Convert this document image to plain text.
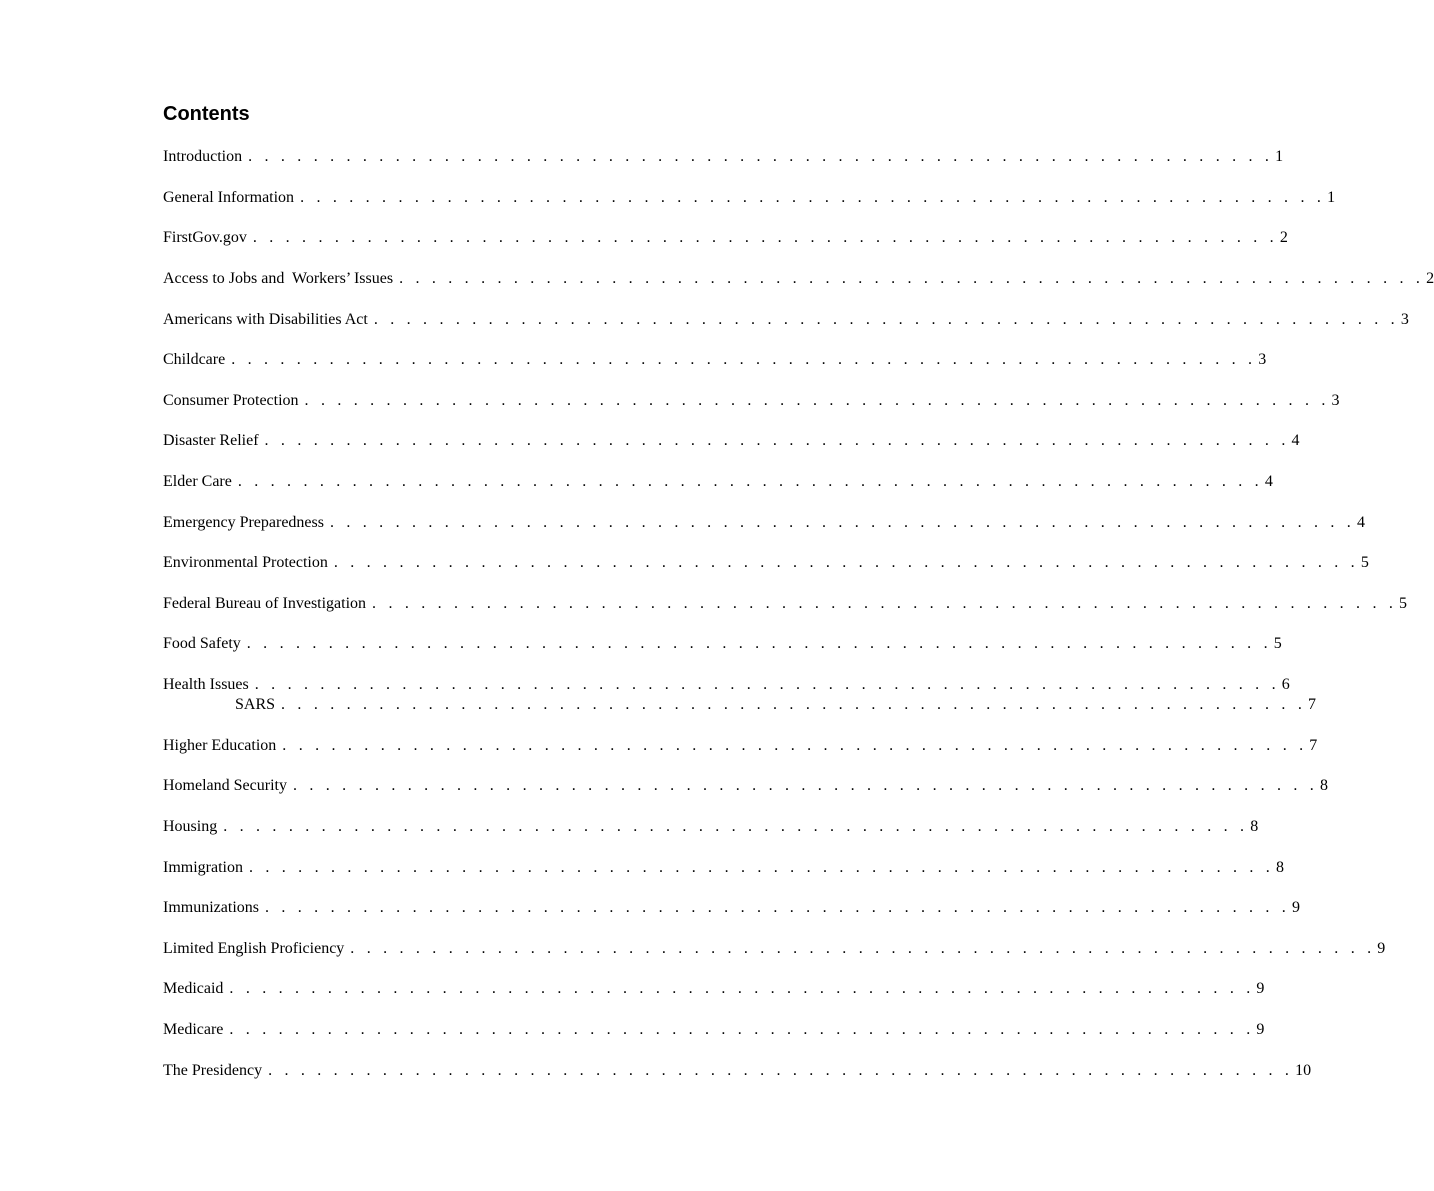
Contents
Introduction . . . . . . . . . . . . . . . . . . . . . . . . . . . . . . . . . . . . . . . . . . . . . . . . . . . . . . . . . . . . . . . 1
General Information . . . . . . . . . . . . . . . . . . . . . . . . . . . . . . . . . . . . . . . . . . . . . . . . . . . . . . . . . . . . . . . 1
FirstGov.gov . . . . . . . . . . . . . . . . . . . . . . . . . . . . . . . . . . . . . . . . . . . . . . . . . . . . . . . . . . . . . . . 2
Access to Jobs and  Workers’ Issues . . . . . . . . . . . . . . . . . . . . . . . . . . . . . . . . . . . . . . . . . . . . . . . . . . . . . . . . . . . . . . . 2
Americans with Disabilities Act . . . . . . . . . . . . . . . . . . . . . . . . . . . . . . . . . . . . . . . . . . . . . . . . . . . . . . . . . . . . . . . 3
Childcare . . . . . . . . . . . . . . . . . . . . . . . . . . . . . . . . . . . . . . . . . . . . . . . . . . . . . . . . . . . . . . . 3
Consumer Protection . . . . . . . . . . . . . . . . . . . . . . . . . . . . . . . . . . . . . . . . . . . . . . . . . . . . . . . . . . . . . . . 3
Disaster Relief . . . . . . . . . . . . . . . . . . . . . . . . . . . . . . . . . . . . . . . . . . . . . . . . . . . . . . . . . . . . . . . 4
Elder Care . . . . . . . . . . . . . . . . . . . . . . . . . . . . . . . . . . . . . . . . . . . . . . . . . . . . . . . . . . . . . . . 4
Emergency Preparedness . . . . . . . . . . . . . . . . . . . . . . . . . . . . . . . . . . . . . . . . . . . . . . . . . . . . . . . . . . . . . . . 4
Environmental Protection . . . . . . . . . . . . . . . . . . . . . . . . . . . . . . . . . . . . . . . . . . . . . . . . . . . . . . . . . . . . . . . 5
Federal Bureau of Investigation . . . . . . . . . . . . . . . . . . . . . . . . . . . . . . . . . . . . . . . . . . . . . . . . . . . . . . . . . . . . . . . 5
Food Safety . . . . . . . . . . . . . . . . . . . . . . . . . . . . . . . . . . . . . . . . . . . . . . . . . . . . . . . . . . . . . . . 5
Health Issues . . . . . . . . . . . . . . . . . . . . . . . . . . . . . . . . . . . . . . . . . . . . . . . . . . . . . . . . . . . . . . . 6
SARS . . . . . . . . . . . . . . . . . . . . . . . . . . . . . . . . . . . . . . . . . . . . . . . . . . . . . . . . . . . . . . . 7
Higher Education . . . . . . . . . . . . . . . . . . . . . . . . . . . . . . . . . . . . . . . . . . . . . . . . . . . . . . . . . . . . . . . 7
Homeland Security . . . . . . . . . . . . . . . . . . . . . . . . . . . . . . . . . . . . . . . . . . . . . . . . . . . . . . . . . . . . . . . 8
Housing . . . . . . . . . . . . . . . . . . . . . . . . . . . . . . . . . . . . . . . . . . . . . . . . . . . . . . . . . . . . . . . 8
Immigration . . . . . . . . . . . . . . . . . . . . . . . . . . . . . . . . . . . . . . . . . . . . . . . . . . . . . . . . . . . . . . . 8
Immunizations . . . . . . . . . . . . . . . . . . . . . . . . . . . . . . . . . . . . . . . . . . . . . . . . . . . . . . . . . . . . . . . 9
Limited English Proficiency . . . . . . . . . . . . . . . . . . . . . . . . . . . . . . . . . . . . . . . . . . . . . . . . . . . . . . . . . . . . . . . 9
Medicaid . . . . . . . . . . . . . . . . . . . . . . . . . . . . . . . . . . . . . . . . . . . . . . . . . . . . . . . . . . . . . . . 9
Medicare . . . . . . . . . . . . . . . . . . . . . . . . . . . . . . . . . . . . . . . . . . . . . . . . . . . . . . . . . . . . . . . 9
The Presidency . . . . . . . . . . . . . . . . . . . . . . . . . . . . . . . . . . . . . . . . . . . . . . . . . . . . . . . . . . . . . . . 10
